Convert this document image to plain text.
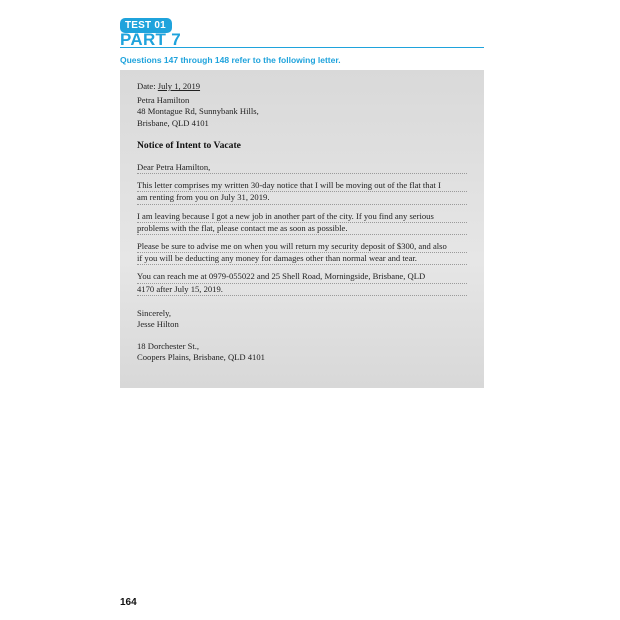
TEST 01
PART 7
Questions 147 through 148 refer to the following letter.
Date: July 1, 2019
Petra Hamilton
48 Montague Rd, Sunnybank Hills,
Brisbane, QLD 4101
Notice of Intent to Vacate
Dear Petra Hamilton,
This letter comprises my written 30-day notice that I will be moving out of the flat that I
am renting from you on July 31, 2019.
I am leaving because I got a new job in another part of the city. If you find any serious
problems with the flat, please contact me as soon as possible.
Please be sure to advise me on when you will return my security deposit of $300, and also
if you will be deducting any money for damages other than normal wear and tear.
You can reach me at 0979-055022 and 25 Shell Road, Morningside, Brisbane, QLD
4170 after July 15, 2019.
Sincerely,
Jesse Hilton
18 Dorchester St.,
Coopers Plains, Brisbane, QLD 4101
164
